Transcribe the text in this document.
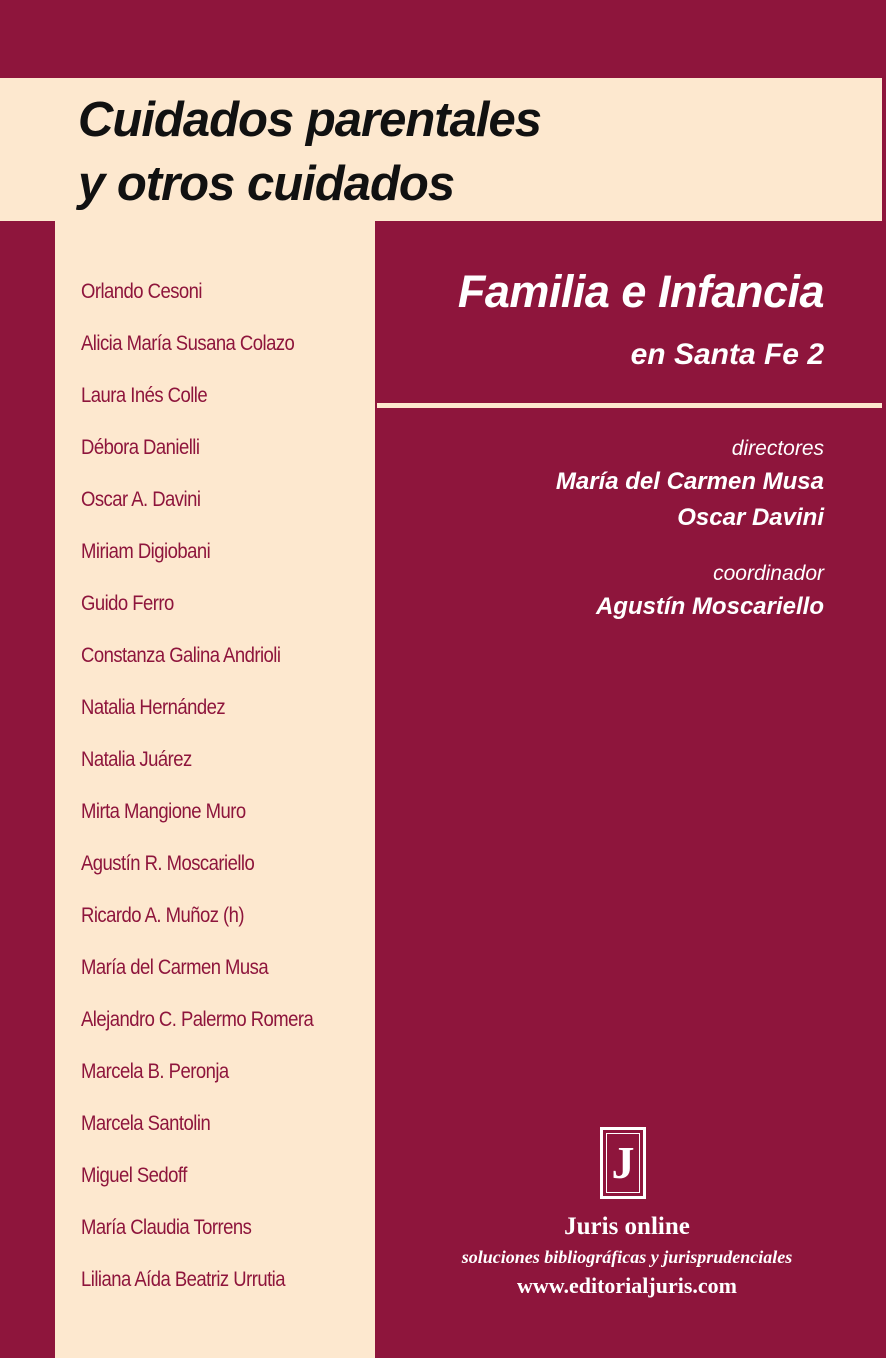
Cuidados parentales
y otros cuidados

Orlando Cesoni

Alicia María Susana Colazo

Laura Inés Colle

Débora Danielli

Oscar A. Davini

Miriam Digiobani

Guido Ferro

Constanza Galina Andrioli

Natalia Hernández

Natalia Juárez

Mirta Mangione Muro

Agustín R. Moscariello

Ricardo A. Muñoz (h)

María del Carmen Musa

Alejandro C. Palermo Romera

Marcela B. Peronja

Marcela Santolin

Miguel Sedoff

María Claudia Torrens

Liliana Aída Beatriz Urrutia

Familia e Infancia
en Santa Fe 2

directores

María del Carmen Musa

Oscar Davini

coordinador

Agustín Moscariello

J

Juris online

soluciones bibliográficas y jurisprudenciales

www.editorialjuris.com
